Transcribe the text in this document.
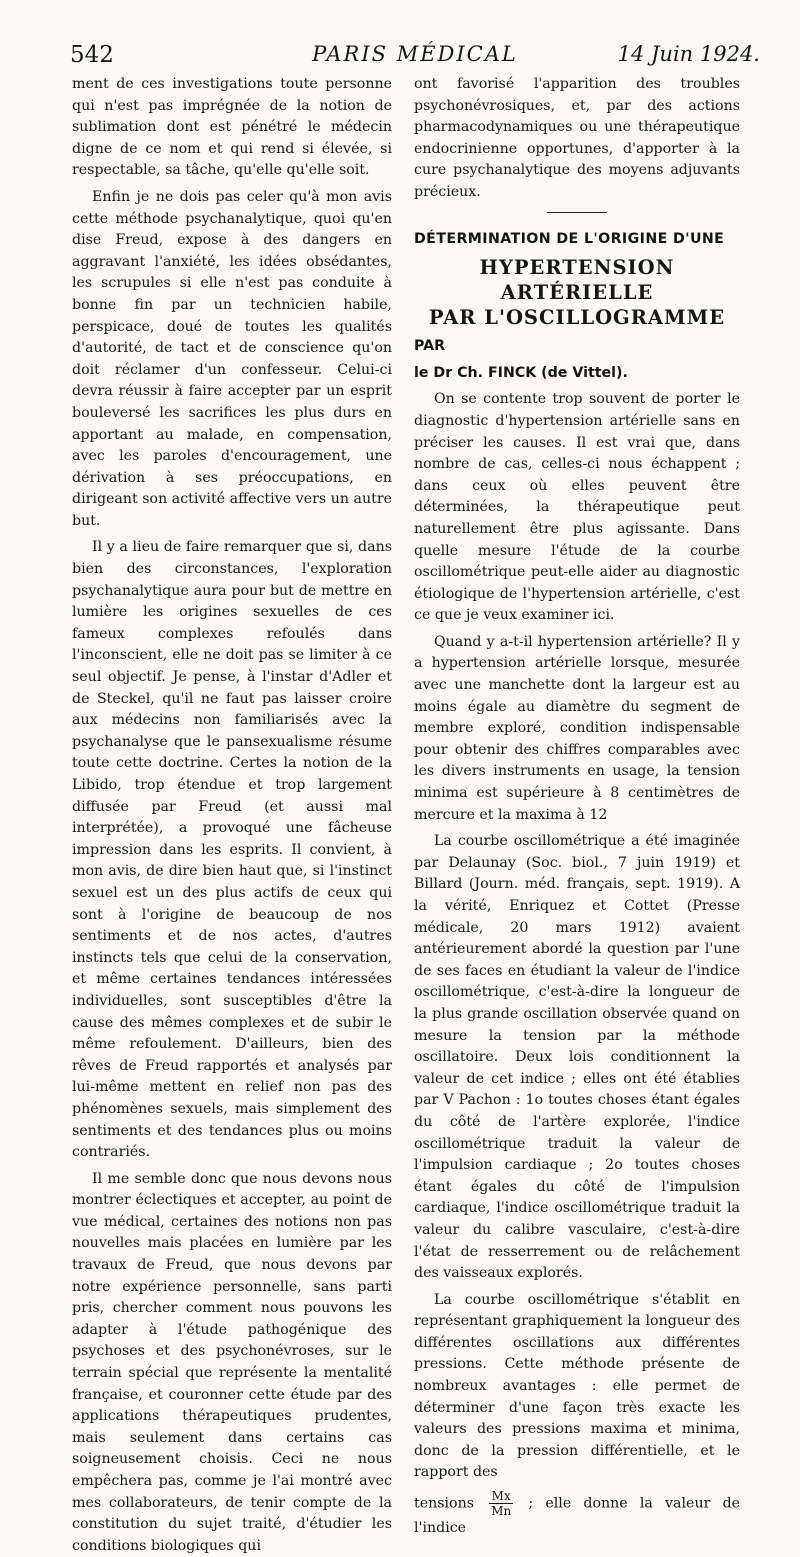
542	PARIS MÉDICAL	14 Juin 1924.

ment de ces investigations toute personne qui n'est pas imprégnée de la notion de sublimation dont est pénétré le médecin digne de ce nom et qui rend si élevée, si respectable, sa tâche, qu'elle qu'elle soit.

Enfin je ne dois pas celer qu'à mon avis cette méthode psychanalytique, quoi qu'en dise Freud, expose à des dangers en aggravant l'anxiété, les idées obsédantes, les scrupules si elle n'est pas conduite à bonne fin par un technicien habile, perspicace, doué de toutes les qualités d'autorité, de tact et de conscience qu'on doit réclamer d'un confesseur. Celui-ci devra réussir à faire accepter par un esprit bouleversé les sacrifices les plus durs en apportant au malade, en compensation, avec les paroles d'encouragement, une dérivation à ses préoccupations, en dirigeant son activité affective vers un autre but.

Il y a lieu de faire remarquer que si, dans bien des circonstances, l'exploration psychanalytique aura pour but de mettre en lumière les origines sexuelles de ces fameux complexes refoulés dans l'inconscient, elle ne doit pas se limiter à ce seul objectif. Je pense, à l'instar d'Adler et de Steckel, qu'il ne faut pas laisser croire aux médecins non familiarisés avec la psychanalyse que le pansexualisme résume toute cette doctrine. Certes la notion de la Libido, trop étendue et trop largement diffusée par Freud (et aussi mal interprétée), a provoqué une fâcheuse impression dans les esprits. Il convient, à mon avis, de dire bien haut que, si l'instinct sexuel est un des plus actifs de ceux qui sont à l'origine de beaucoup de nos sentiments et de nos actes, d'autres instincts tels que celui de la conservation, et même certaines tendances intéressées individuelles, sont susceptibles d'être la cause des mêmes complexes et de subir le même refoulement. D'ailleurs, bien des rêves de Freud rapportés et analysés par lui-même mettent en relief non pas des phénomènes sexuels, mais simplement des sentiments et des tendances plus ou moins contrariés.

Il me semble donc que nous devons nous montrer éclectiques et accepter, au point de vue médical, certaines des notions non pas nouvelles mais placées en lumière par les travaux de Freud, que nous devons par notre expérience personnelle, sans parti pris, chercher comment nous pouvons les adapter à l'étude pathogénique des psychoses et des psychonévroses, sur le terrain spécial que représente la mentalité française, et couronner cette étude par des applications thérapeutiques prudentes, mais seulement dans certains cas soigneusement choisis. Ceci ne nous empêchera pas, comme je l'ai montré avec mes collaborateurs, de tenir compte de la constitution du sujet traité, d'étudier les conditions biologiques qui

ont favorisé l'apparition des troubles psychonévrosiques, et, par des actions pharmacodynamiques ou une thérapeutique endocrinienne opportunes, d'apporter à la cure psychanalytique des moyens adjuvants précieux.

DÉTERMINATION DE L'ORIGINE D'UNE

HYPERTENSION ARTÉRIELLE
PAR L'OSCILLOGRAMME

PAR

le Dr Ch. FINCK (de Vittel).

On se contente trop souvent de porter le diagnostic d'hypertension artérielle sans en préciser les causes. Il est vrai que, dans nombre de cas, celles-ci nous échappent ; dans ceux où elles peuvent être déterminées, la thérapeutique peut naturellement être plus agissante. Dans quelle mesure l'étude de la courbe oscillométrique peut-elle aider au diagnostic étiologique de l'hypertension artérielle, c'est ce que je veux examiner ici.

Quand y a-t-il hypertension artérielle? Il y a hypertension artérielle lorsque, mesurée avec une manchette dont la largeur est au moins égale au diamètre du segment de membre exploré, condition indispensable pour obtenir des chiffres comparables avec les divers instruments en usage, la tension minima est supérieure à 8 centimètres de mercure et la maxima à 12

La courbe oscillométrique a été imaginée par Delaunay (Soc. biol., 7 juin 1919) et Billard (Journ. méd. français, sept. 1919). A la vérité, Enriquez et Cottet (Presse médicale, 20 mars 1912) avaient antérieurement abordé la question par l'une de ses faces en étudiant la valeur de l'indice oscillométrique, c'est-à-dire la longueur de la plus grande oscillation observée quand on mesure la tension par la méthode oscillatoire. Deux lois conditionnent la valeur de cet indice ; elles ont été établies par V Pachon : 1o toutes choses étant égales du côté de l'artère explorée, l'indice oscillométrique traduit la valeur de l'impulsion cardiaque ; 2o toutes choses étant égales du côté de l'impulsion cardiaque, l'indice oscillométrique traduit la valeur du calibre vasculaire, c'est-à-dire l'état de resserrement ou de relâchement des vaisseaux explorés.

La courbe oscillométrique s'établit en représentant graphiquement la longueur des différentes oscillations aux différentes pressions. Cette méthode présente de nombreux avantages : elle permet de déterminer d'une façon très exacte les valeurs des pressions maxima et minima, donc de la pression différentielle, et le rapport des

tensions $\frac{Mx}{Mn}$ ; elle donne la valeur de l'indice
